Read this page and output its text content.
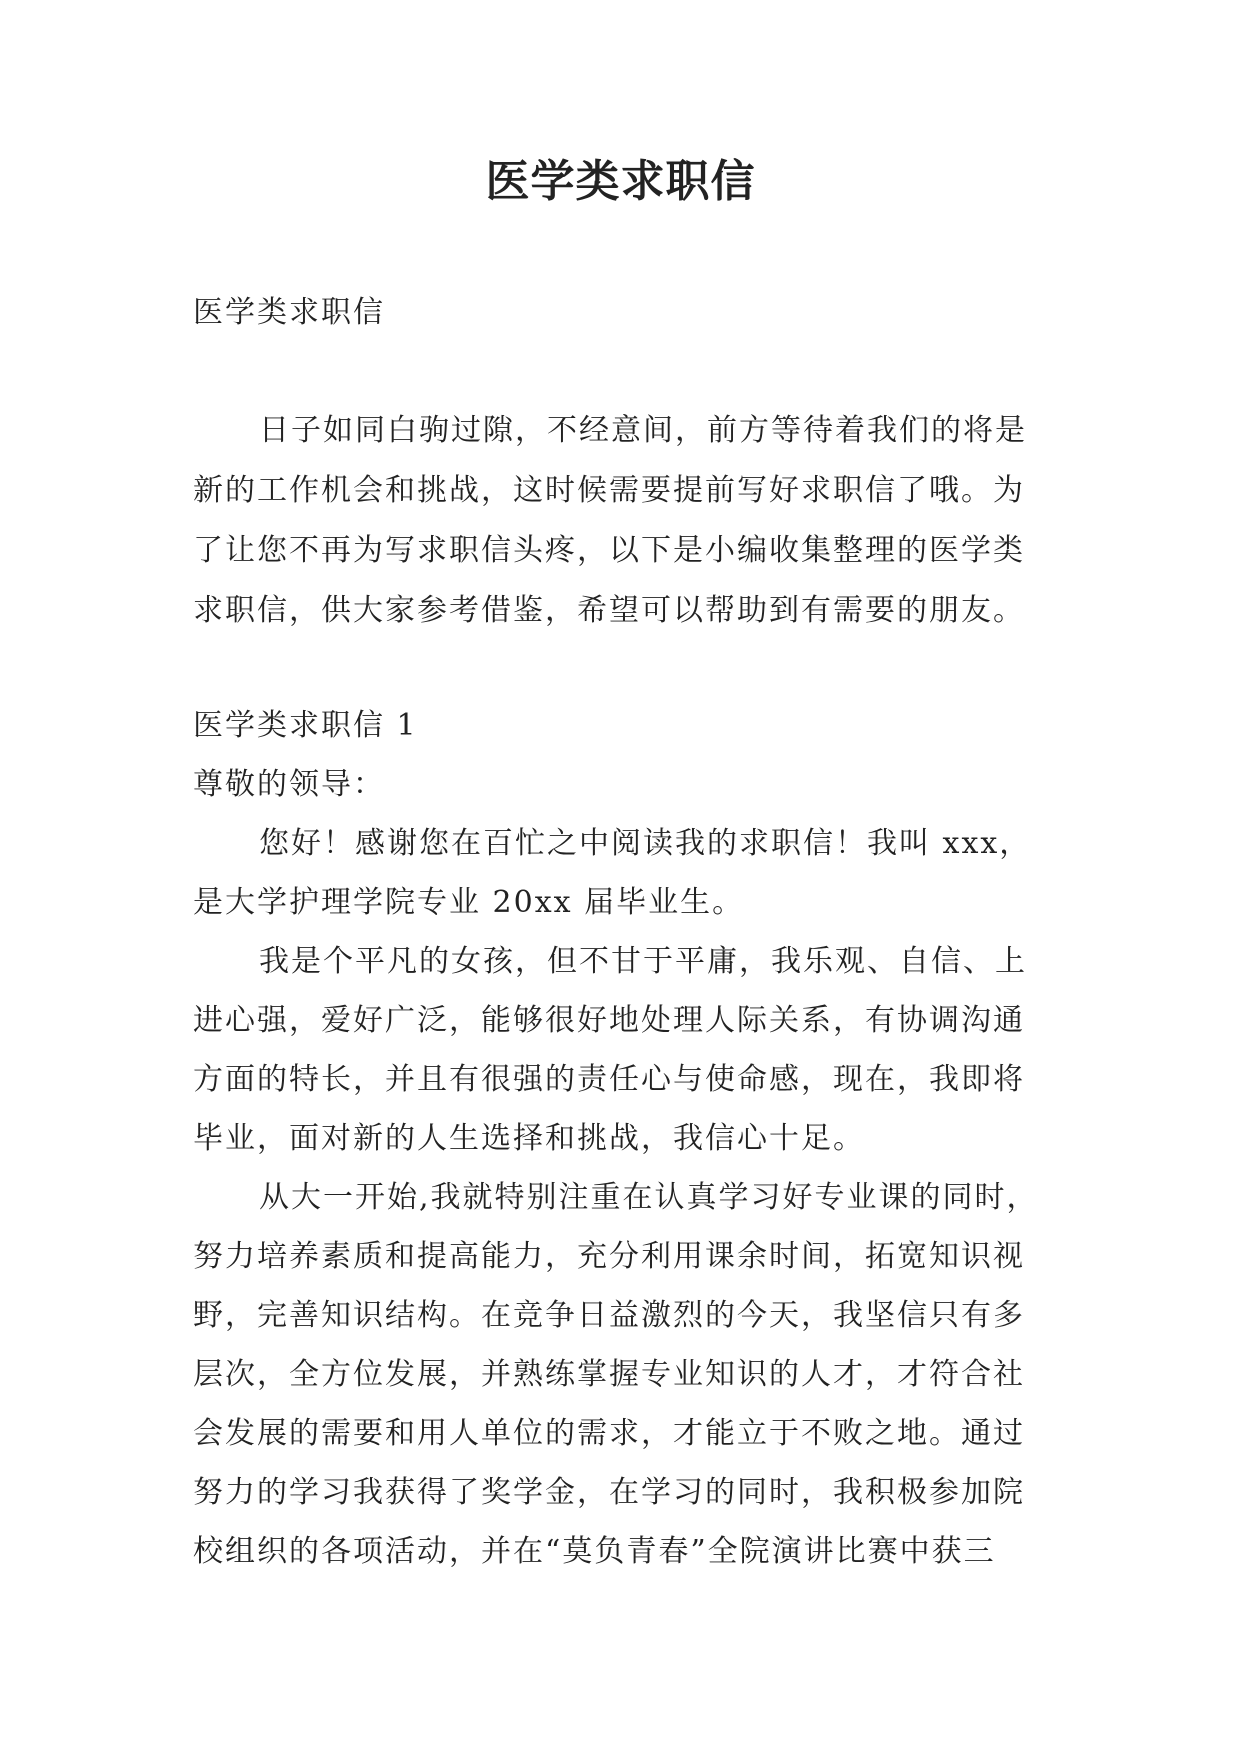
医学类求职信
医学类求职信
日子如同白驹过隙，不经意间，前方等待着我们的将是
新的工作机会和挑战，这时候需要提前写好求职信了哦。为
了让您不再为写求职信头疼，以下是小编收集整理的医学类
求职信，供大家参考借鉴，希望可以帮助到有需要的朋友。
医学类求职信 1
尊敬的领导：
您好！感谢您在百忙之中阅读我的求职信！我叫 xxx，
是大学护理学院专业 20xx 届毕业生。
我是个平凡的女孩，但不甘于平庸，我乐观、自信、上
进心强，爱好广泛，能够很好地处理人际关系，有协调沟通
方面的特长，并且有很强的责任心与使命感，现在，我即将
毕业，面对新的人生选择和挑战，我信心十足。
从大一开始,我就特别注重在认真学习好专业课的同时，
努力培养素质和提高能力，充分利用课余时间，拓宽知识视
野，完善知识结构。在竞争日益激烈的今天，我坚信只有多
层次，全方位发展，并熟练掌握专业知识的人才，才符合社
会发展的需要和用人单位的需求，才能立于不败之地。通过
努力的学习我获得了奖学金，在学习的同时，我积极参加院
校组织的各项活动，并在“莫负青春”全院演讲比赛中获三
